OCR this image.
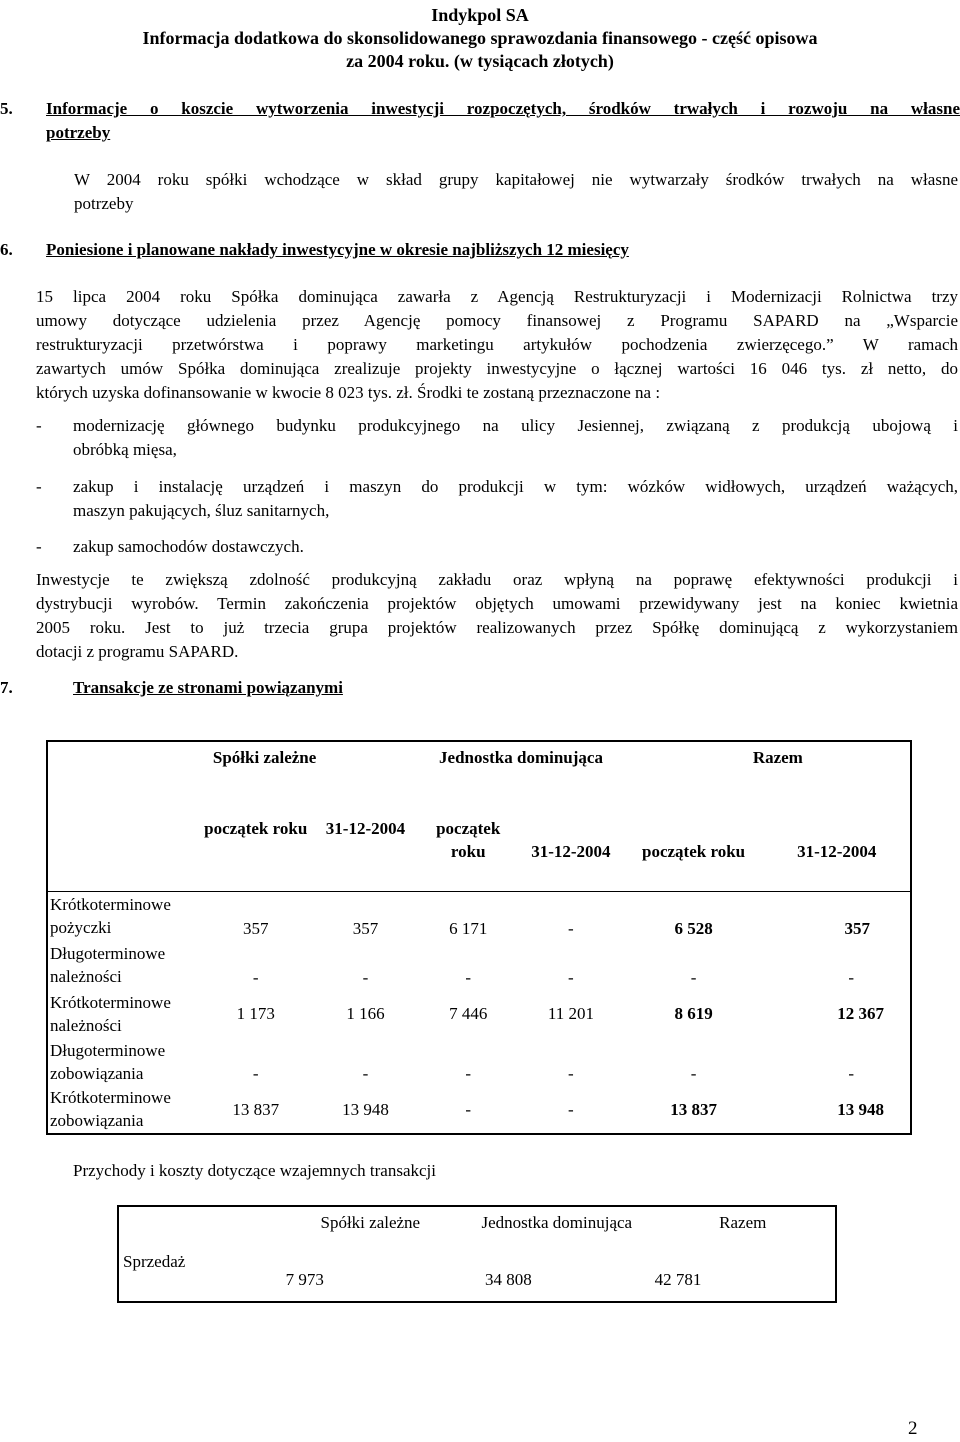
Indykpol SA
Informacja dodatkowa do skonsolidowanego sprawozdania finansowego - część opisowa
za 2004 roku. (w tysiącach złotych)
5. Informacje o koszcie wytworzenia inwestycji rozpoczętych, środków trwałych i rozwoju na własne
potrzeby
W 2004 roku spółki wchodzące w skład grupy kapitałowej nie wytwarzały środków trwałych na własne
potrzeby
6. Poniesione i planowane nakłady inwestycyjne w okresie najbliższych 12 miesięcy
15 lipca 2004 roku Spółka dominująca zawarła z Agencją Restrukturyzacji i Modernizacji Rolnictwa trzy
umowy dotyczące udzielenia przez Agencję pomocy finansowej z Programu SAPARD na „Wsparcie
restrukturyzacji przetwórstwa i poprawy marketingu artykułów pochodzenia zwierzęcego.” W ramach
zawartych umów Spółka dominująca zrealizuje projekty inwestycyjne o łącznej wartości 16 046 tys. zł netto, do
których uzyska dofinansowanie w kwocie 8 023 tys. zł. Środki te zostaną przeznaczone na :
- modernizację głównego budynku produkcyjnego na ulicy Jesiennej, związaną z produkcją ubojową i
obróbką mięsa,
- zakup i instalację urządzeń i maszyn do produkcji w tym: wózków widłowych, urządzeń ważących,
maszyn pakujących, śluz sanitarnych,
- zakup samochodów dostawczych.
Inwestycje te zwiększą zdolność produkcyjną zakładu oraz wpłyną na poprawę efektywności produkcji i
dystrybucji wyrobów. Termin zakończenia projektów objętych umowami przewidywany jest na koniec kwietnia
2005 roku. Jest to już trzecia grupa projektów realizowanych przez Spółkę dominującą z wykorzystaniem
dotacji z programu SAPARD.
7.	Transakcje ze stronami powiązanymi
	Spółki zależne		Jednostka dominująca		Razem	
	początek roku	31-12-2004	początek roku	31-12-2004	początek roku	31-12-2004
Krótkoterminowe pożyczki	357	357	6 171	-	6 528	357
Długoterminowe należności	-	-	-	-	-	-
Krótkoterminowe należności	1 173	1 166	7 446	11 201	8 619	12 367
Długoterminowe zobowiązania	-	-	-	-	-	-
Krótkoterminowe zobowiązania	13 837	13 948	-	-	13 837	13 948
Przychody i koszty dotyczące wzajemnych transakcji
	Spółki zależne	Jednostka dominująca	Razem
Sprzedaż	7 973	34 808	42 781
2
